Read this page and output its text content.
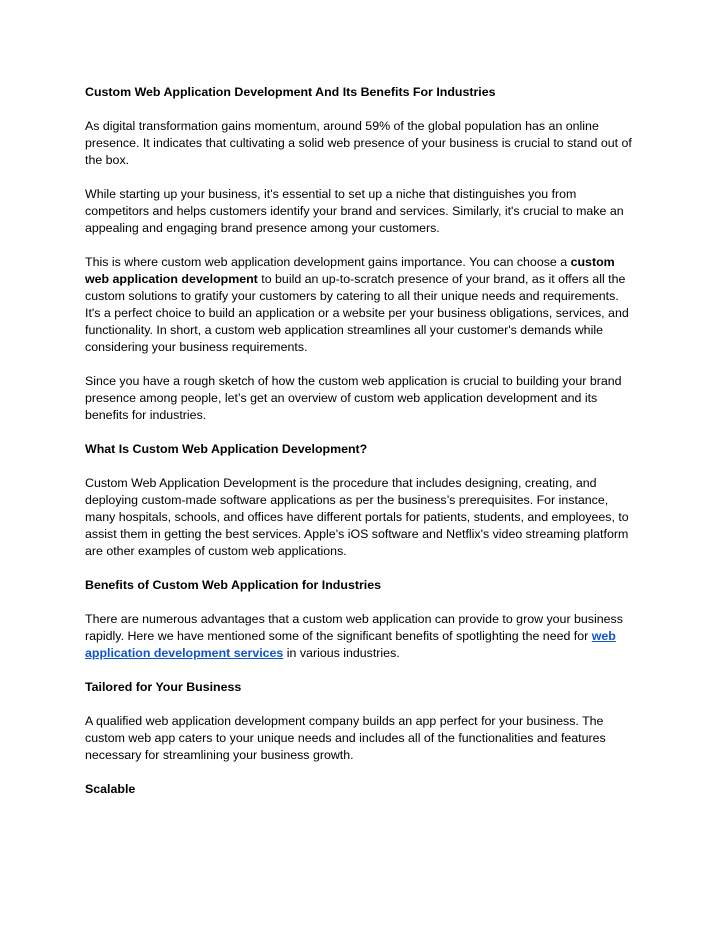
Custom Web Application Development And Its Benefits For Industries
As digital transformation gains momentum, around 59% of the global population has an online presence. It indicates that cultivating a solid web presence of your business is crucial to stand out of the box.
While starting up your business, it's essential to set up a niche that distinguishes you from competitors and helps customers identify your brand and services. Similarly, it's crucial to make an appealing and engaging brand presence among your customers.
This is where custom web application development gains importance. You can choose a custom web application development to build an up-to-scratch presence of your brand, as it offers all the custom solutions to gratify your customers by catering to all their unique needs and requirements. It's a perfect choice to build an application or a website per your business obligations, services, and functionality. In short, a custom web application streamlines all your customer's demands while considering your business requirements.
Since you have a rough sketch of how the custom web application is crucial to building your brand presence among people, let’s get an overview of custom web application development and its benefits for industries.
What Is Custom Web Application Development?
Custom Web Application Development is the procedure that includes designing, creating, and deploying custom-made software applications as per the business’s prerequisites. For instance, many hospitals, schools, and offices have different portals for patients, students, and employees, to assist them in getting the best services. Apple's iOS software and Netflix's video streaming platform are other examples of custom web applications.
Benefits of Custom Web Application for Industries
There are numerous advantages that a custom web application can provide to grow your business rapidly. Here we have mentioned some of the significant benefits of spotlighting the need for web application development services in various industries.
Tailored for Your Business
A qualified web application development company builds an app perfect for your business. The custom web app caters to your unique needs and includes all of the functionalities and features necessary for streamlining your business growth.
Scalable
